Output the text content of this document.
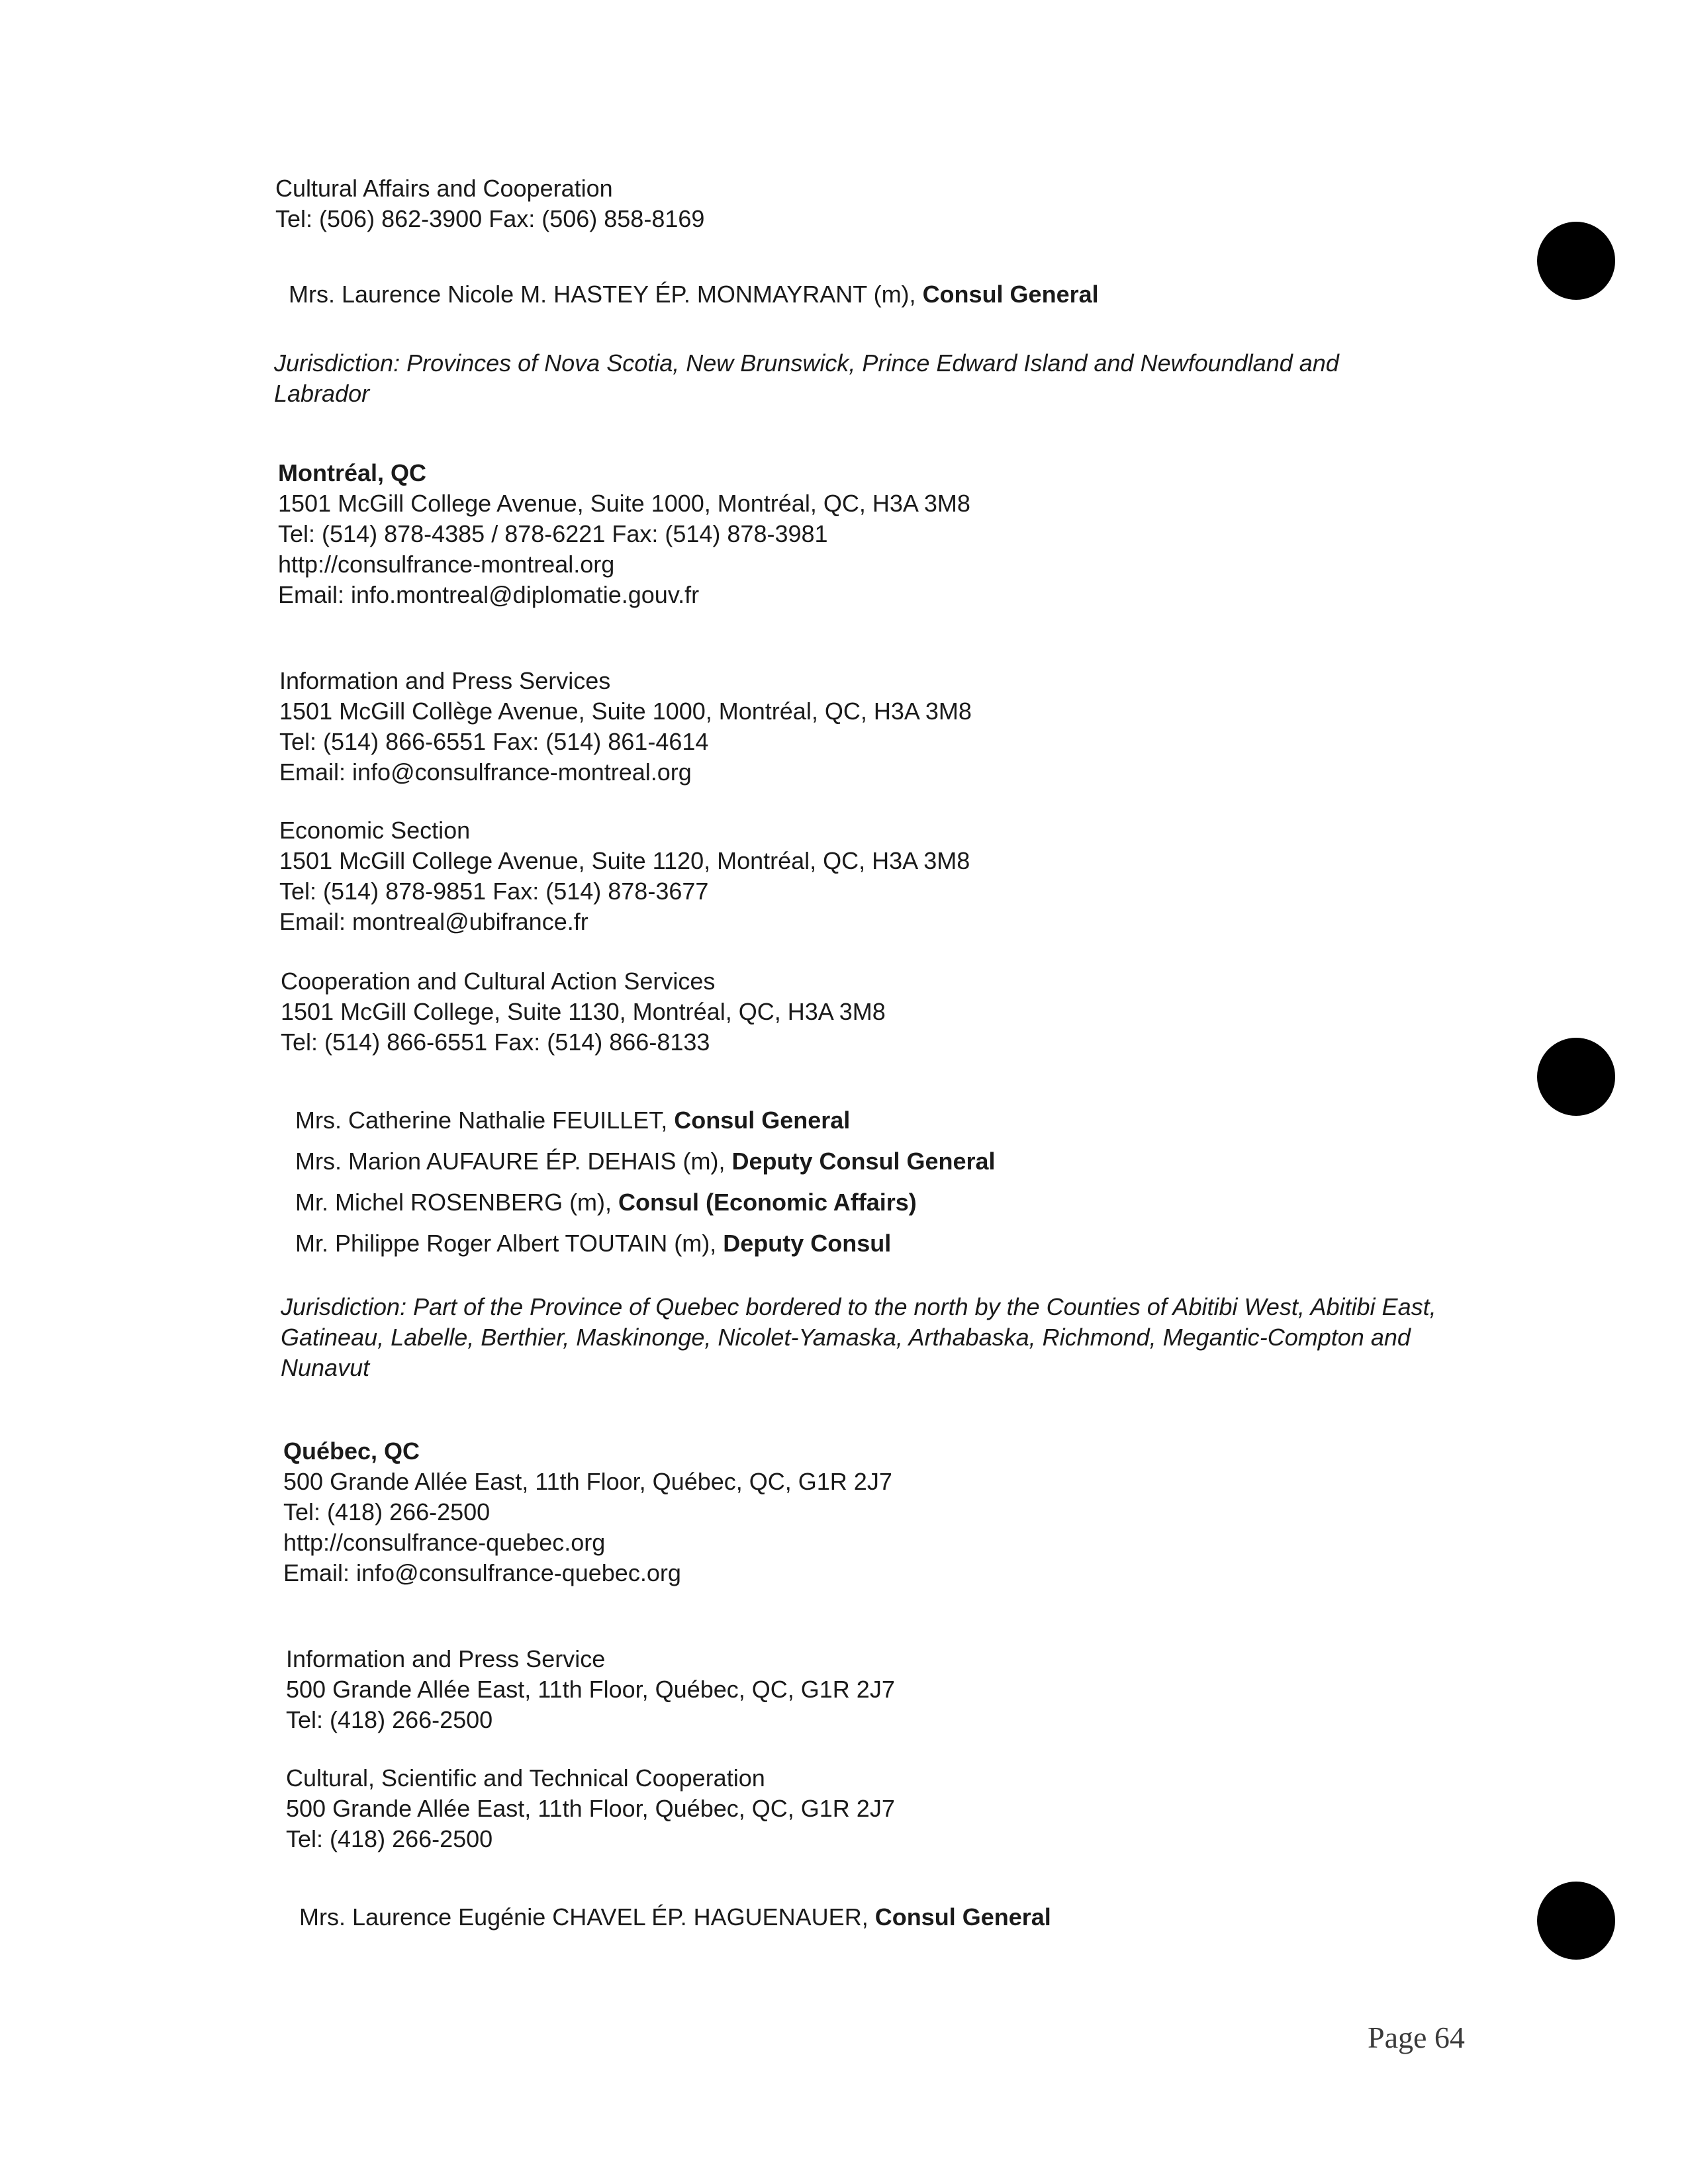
Cultural Affairs and Cooperation
Tel: (506) 862-3900 Fax: (506) 858-8169
Mrs. Laurence Nicole M. HASTEY ÉP. MONMAYRANT (m), Consul General
Jurisdiction: Provinces of Nova Scotia, New Brunswick, Prince Edward Island and Newfoundland and Labrador
Montréal, QC
1501 McGill College Avenue, Suite 1000, Montréal, QC, H3A 3M8
Tel: (514) 878-4385 / 878-6221 Fax: (514) 878-3981
http://consulfrance-montreal.org
Email: info.montreal@diplomatie.gouv.fr
Information and Press Services
1501 McGill Collège Avenue, Suite 1000, Montréal, QC, H3A 3M8
Tel: (514) 866-6551 Fax: (514) 861-4614
Email: info@consulfrance-montreal.org
Economic Section
1501 McGill College Avenue, Suite 1120, Montréal, QC, H3A 3M8
Tel: (514) 878-9851 Fax: (514) 878-3677
Email: montreal@ubifrance.fr
Cooperation and Cultural Action Services
1501 McGill College, Suite 1130, Montréal, QC, H3A 3M8
Tel: (514) 866-6551 Fax: (514) 866-8133
Mrs. Catherine Nathalie FEUILLET, Consul General
Mrs. Marion AUFAURE ÉP. DEHAIS (m), Deputy Consul General
Mr. Michel ROSENBERG (m), Consul (Economic Affairs)
Mr. Philippe Roger Albert TOUTAIN (m), Deputy Consul
Jurisdiction: Part of the Province of Quebec bordered to the north by the Counties of Abitibi West, Abitibi East, Gatineau, Labelle, Berthier, Maskinonge, Nicolet-Yamaska, Arthabaska, Richmond, Megantic-Compton and Nunavut
Québec, QC
500 Grande Allée East, 11th Floor, Québec, QC, G1R 2J7
Tel: (418) 266-2500
http://consulfrance-quebec.org
Email: info@consulfrance-quebec.org
Information and Press Service
500 Grande Allée East, 11th Floor, Québec, QC, G1R 2J7
Tel: (418) 266-2500
Cultural, Scientific and Technical Cooperation
500 Grande Allée East, 11th Floor, Québec, QC, G1R 2J7
Tel: (418) 266-2500
Mrs. Laurence Eugénie CHAVEL ÉP. HAGUENAUER, Consul General
Page 64
